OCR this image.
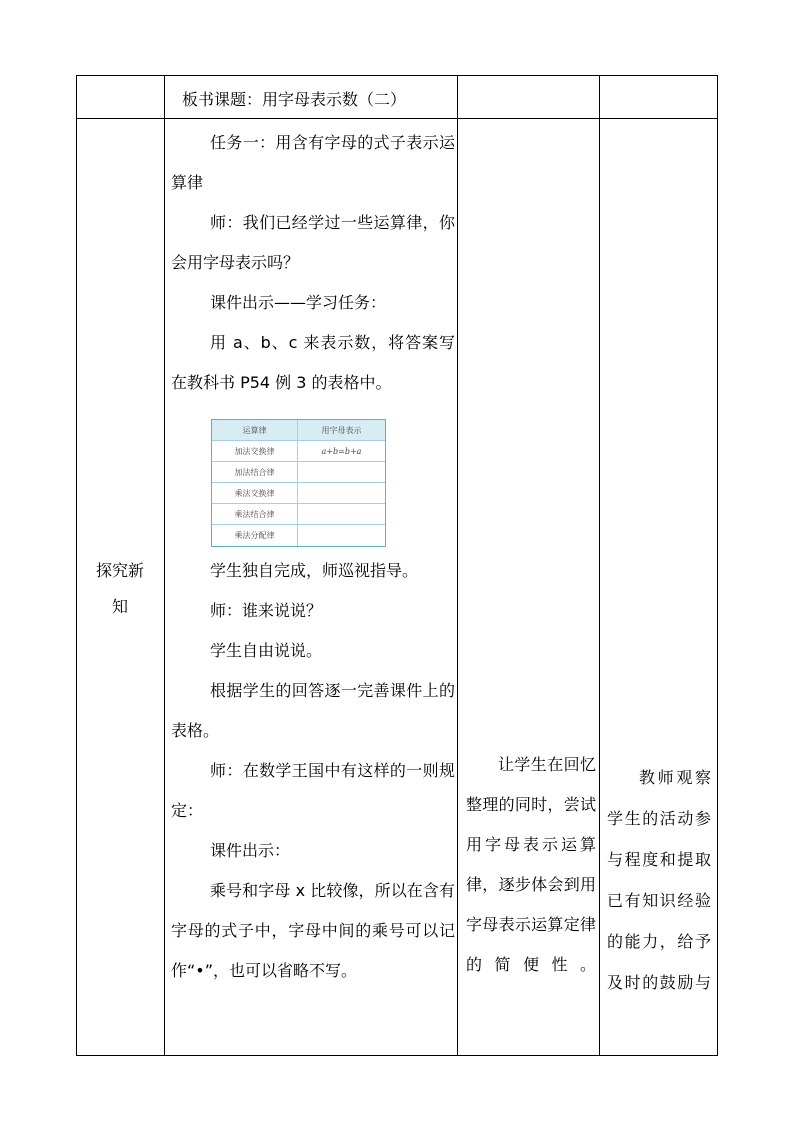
板书课题：用字母表示数（二）
探究新
知

任务一：用含有字母的式子表示运算律

师：我们已经学过一些运算律，你会用字母表示吗？

课件出示——学习任务：

用 a、b、c 来表示数，将答案写在教科书 P54 例 3 的表格中。

学生独自完成，师巡视指导。

师：谁来说说？

学生自由说说。

根据学生的回答逐一完善课件上的表格。

师：在数学王国中有这样的一则规定：

课件出示：

乘号和字母 x 比较像，所以在含有字母的式子中，字母中间的乘号可以记作“•”，也可以省略不写。

运算律	用字母表示
加法交换律	a+b=b+a
加法结合律
乘法交换律
乘法结合律
乘法分配律

让学生在回忆整理的同时，尝试用字母表示运算律，逐步体会到用字母表示运算定律的简便性。

教师观察学生的活动参与程度和提取已有知识经验的能力，给予及时的鼓励与
